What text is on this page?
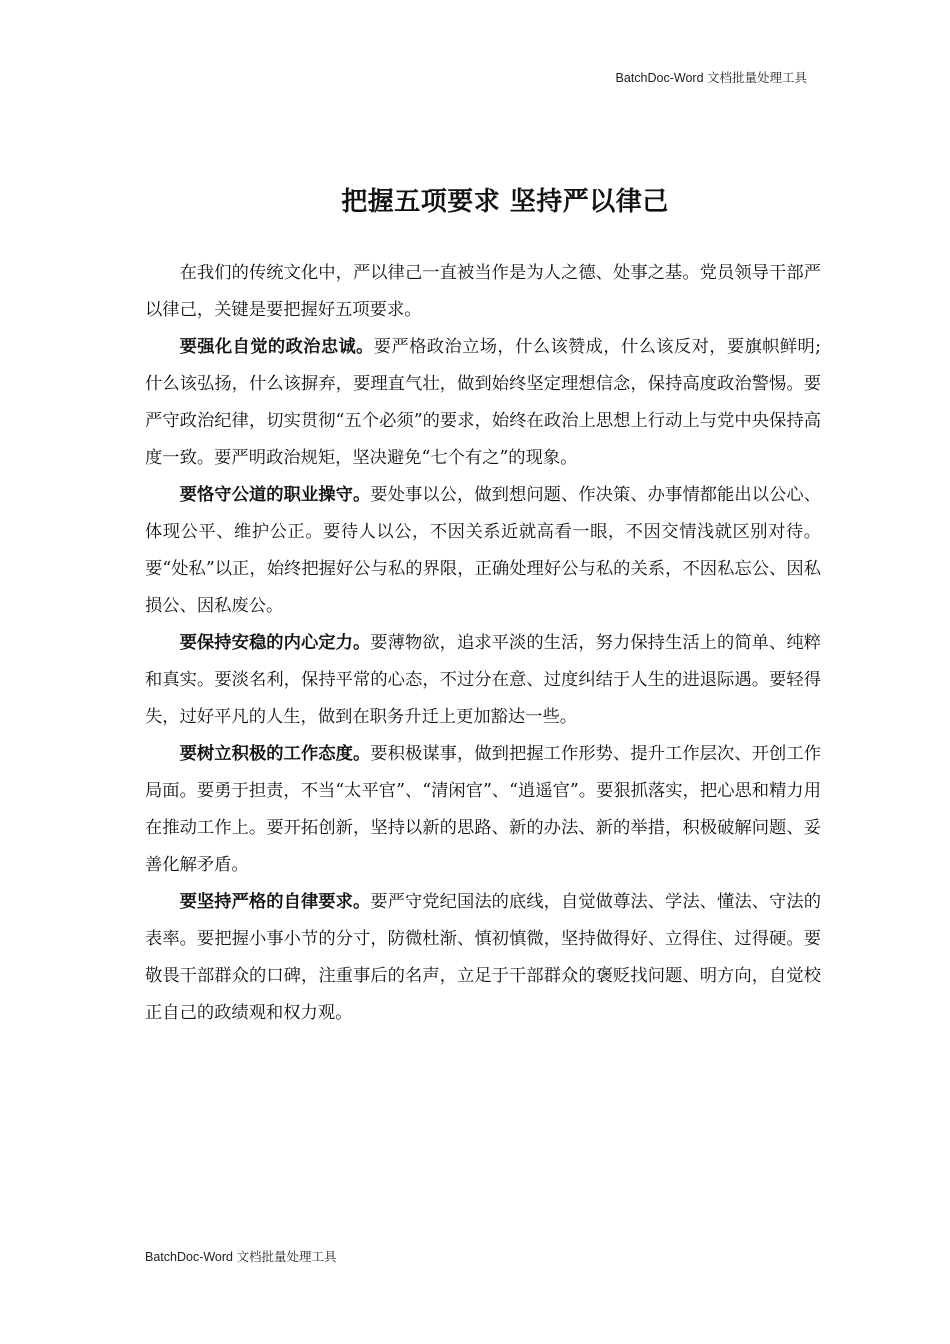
BatchDoc-Word 文档批量处理工具
把握五项要求 坚持严以律己

在我们的传统文化中，严以律己一直被当作是为人之德、处事之基。党员领导干部严以律己，关键是要把握好五项要求。

要强化自觉的政治忠诚。要严格政治立场，什么该赞成，什么该反对，要旗帜鲜明;什么该弘扬，什么该摒弃，要理直气壮，做到始终坚定理想信念，保持高度政治警惕。要严守政治纪律，切实贯彻“五个必须”的要求，始终在政治上思想上行动上与党中央保持高度一致。要严明政治规矩，坚决避免“七个有之”的现象。

要恪守公道的职业操守。要处事以公，做到想问题、作决策、办事情都能出以公心、体现公平、维护公正。要待人以公，不因关系近就高看一眼，不因交情浅就区别对待。要“处私”以正，始终把握好公与私的界限，正确处理好公与私的关系，不因私忘公、因私损公、因私废公。

要保持安稳的内心定力。要薄物欲，追求平淡的生活，努力保持生活上的简单、纯粹和真实。要淡名利，保持平常的心态，不过分在意、过度纠结于人生的进退际遇。要轻得失，过好平凡的人生，做到在职务升迁上更加豁达一些。

要树立积极的工作态度。要积极谋事，做到把握工作形势、提升工作层次、开创工作局面。要勇于担责，不当“太平官”、“清闲官”、“逍遥官”。要狠抓落实，把心思和精力用在推动工作上。要开拓创新，坚持以新的思路、新的办法、新的举措，积极破解问题、妥善化解矛盾。

要坚持严格的自律要求。要严守党纪国法的底线，自觉做尊法、学法、懂法、守法的表率。要把握小事小节的分寸，防微杜渐、慎初慎微，坚持做得好、立得住、过得硬。要敬畏干部群众的口碑，注重事后的名声，立足于干部群众的褒贬找问题、明方向，自觉校正自己的政绩观和权力观。

BatchDoc-Word 文档批量处理工具
